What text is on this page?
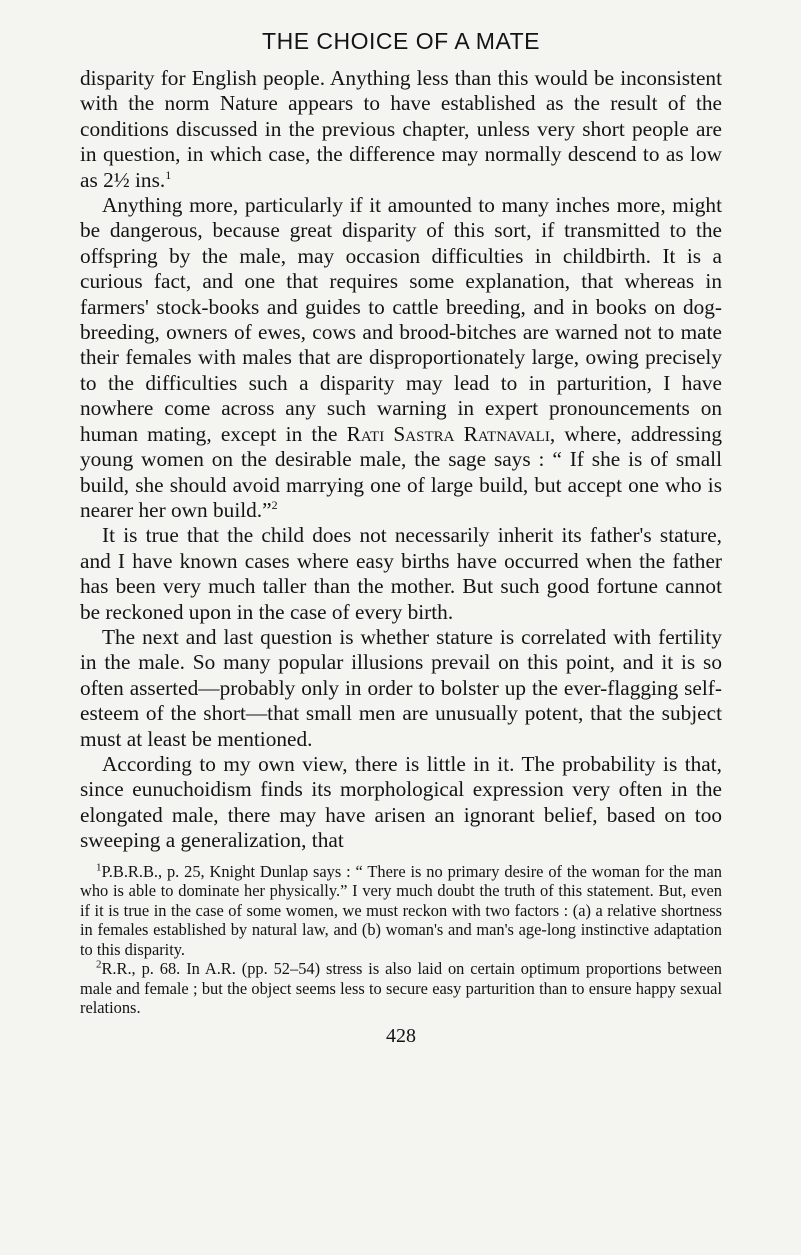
THE CHOICE OF A MATE

disparity for English people. Anything less than this would be inconsistent with the norm Nature appears to have established as the result of the conditions discussed in the previous chapter, unless very short people are in question, in which case, the difference may normally descend to as low as 2½ ins.$^1$

Anything more, particularly if it amounted to many inches more, might be dangerous, because great disparity of this sort, if transmitted to the offspring by the male, may occasion difficulties in childbirth. It is a curious fact, and one that requires some explanation, that whereas in farmers' stock-books and guides to cattle breeding, and in books on dog-breeding, owners of ewes, cows and brood-bitches are warned not to mate their females with males that are disproportionately large, owing precisely to the difficulties such a disparity may lead to in parturition, I have nowhere come across any such warning in expert pronouncements on human mating, except in the Rati Sastra Ratnavali, where, addressing young women on the desirable male, the sage says : “ If she is of small build, she should avoid marrying one of large build, but accept one who is nearer her own build.”$^2$

It is true that the child does not necessarily inherit its father's stature, and I have known cases where easy births have occurred when the father has been very much taller than the mother. But such good fortune cannot be reckoned upon in the case of every birth.

The next and last question is whether stature is correlated with fertility in the male. So many popular illusions prevail on this point, and it is so often asserted—probably only in order to bolster up the ever-flagging self-esteem of the short—that small men are unusually potent, that the subject must at least be mentioned.

According to my own view, there is little in it. The probability is that, since eunuchoidism finds its morphological expression very often in the elongated male, there may have arisen an ignorant belief, based on too sweeping a generalization, that

$^1$P.B.R.B., p. 25, Knight Dunlap says : “ There is no primary desire of the woman for the man who is able to dominate her physically.” I very much doubt the truth of this statement. But, even if it is true in the case of some women, we must reckon with two factors : (a) a relative shortness in females established by natural law, and (b) woman's and man's age-long instinctive adaptation to this disparity.

$^2$R.R., p. 68. In A.R. (pp. 52–54) stress is also laid on certain optimum proportions between male and female ; but the object seems less to secure easy parturition than to ensure happy sexual relations.

428
